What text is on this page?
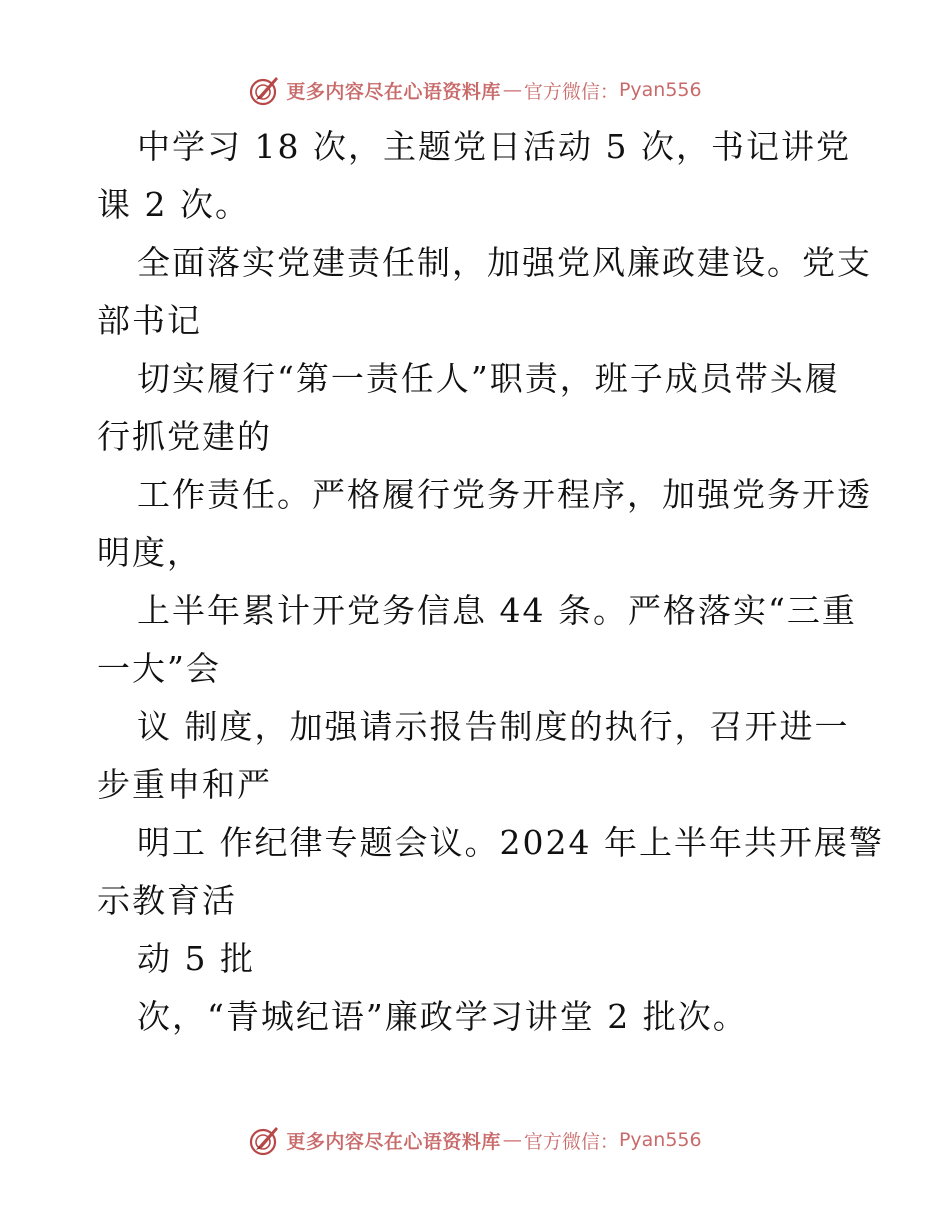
更多内容尽在心语资料库 — 官方微信： Pyan556
中学习 18 次，主题党日活动 5 次，书记讲党
课 2 次。
全面落实党建责任制，加强党风廉政建设。党支
部书记
切实履行“第一责任人”职责，班子成员带头履
行抓党建的
工作责任。严格履行党务开程序，加强党务开透
明度，
上半年累计开党务信息 44 条。严格落实“三重
一大”会
议 制度，加强请示报告制度的执行，召开进一
步重申和严
明工 作纪律专题会议。2024 年上半年共开展警
示教育活
动 5 批
次，“青城纪语”廉政学习讲堂 2 批次。
更多内容尽在心语资料库 — 官方微信： Pyan556
